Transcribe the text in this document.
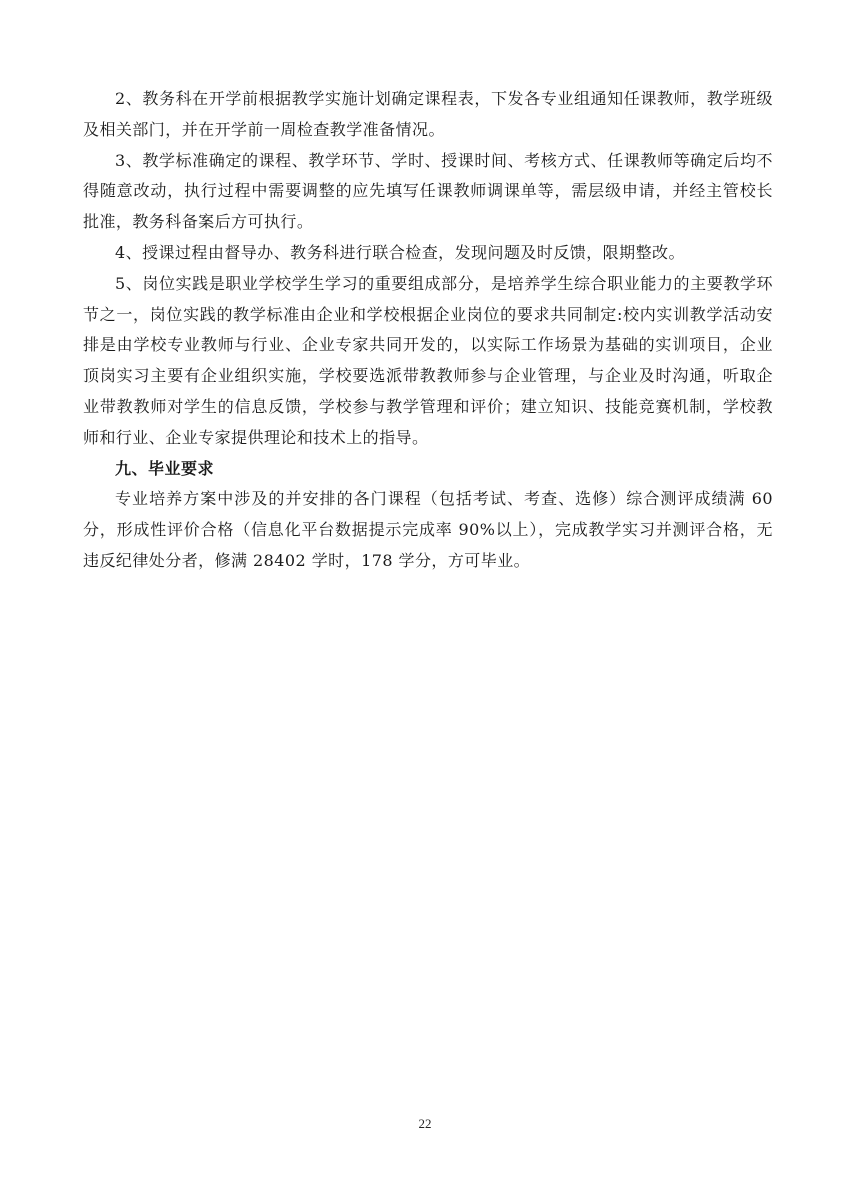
2、教务科在开学前根据教学实施计划确定课程表，下发各专业组通知任课教师，教学班级及相关部门，并在开学前一周检查教学准备情况。

3、教学标准确定的课程、教学环节、学时、授课时间、考核方式、任课教师等确定后均不得随意改动，执行过程中需要调整的应先填写任课教师调课单等，需层级申请，并经主管校长批准，教务科备案后方可执行。

4、授课过程由督导办、教务科进行联合检查，发现问题及时反馈，限期整改。

5、岗位实践是职业学校学生学习的重要组成部分，是培养学生综合职业能力的主要教学环节之一，岗位实践的教学标准由企业和学校根据企业岗位的要求共同制定:校内实训教学活动安排是由学校专业教师与行业、企业专家共同开发的，以实际工作场景为基础的实训项目，企业顶岗实习主要有企业组织实施，学校要选派带教教师参与企业管理，与企业及时沟通，听取企业带教教师对学生的信息反馈，学校参与教学管理和评价；建立知识、技能竞赛机制，学校教师和行业、企业专家提供理论和技术上的指导。

九、毕业要求

专业培养方案中涉及的并安排的各门课程（包括考试、考查、选修）综合测评成绩满 60 分，形成性评价合格（信息化平台数据提示完成率 90%以上），完成教学实习并测评合格，无违反纪律处分者，修满 28402 学时，178 学分，方可毕业。

22
